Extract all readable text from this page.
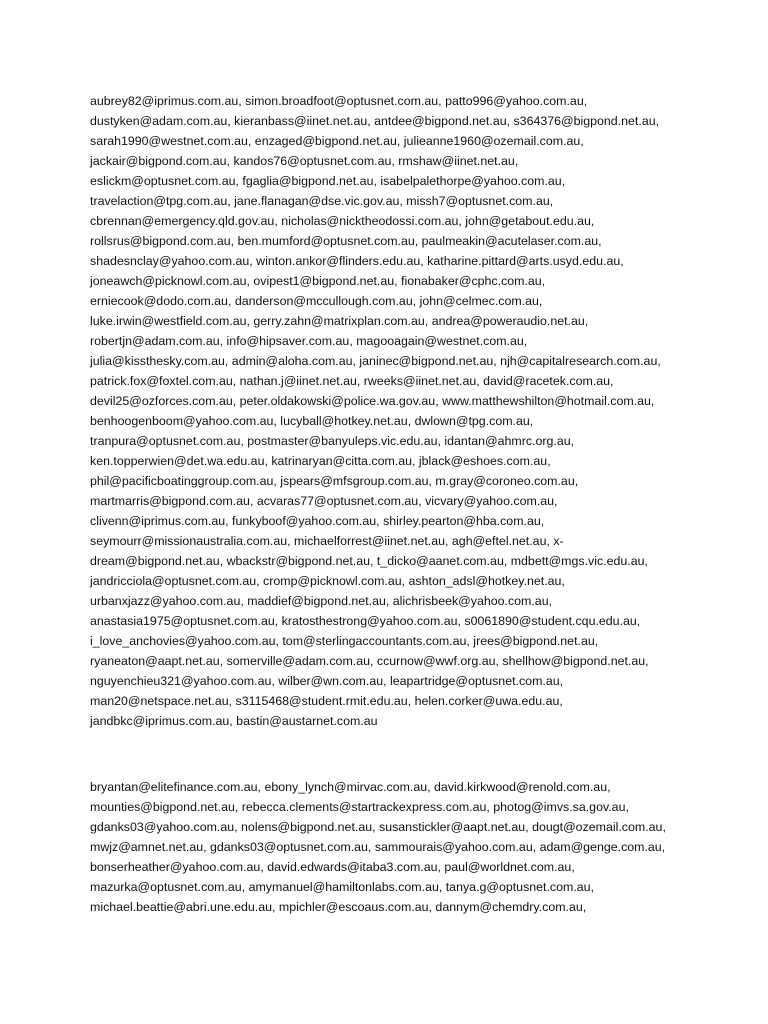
aubrey82@iprimus.com.au, simon.broadfoot@optusnet.com.au, patto996@yahoo.com.au,
dustyken@adam.com.au, kieranbass@iinet.net.au, antdee@bigpond.net.au, s364376@bigpond.net.au,
sarah1990@westnet.com.au, enzaged@bigpond.net.au, julieanne1960@ozemail.com.au,
jackair@bigpond.com.au, kandos76@optusnet.com.au, rmshaw@iinet.net.au,
eslickm@optusnet.com.au, fgaglia@bigpond.net.au, isabelpalethorpe@yahoo.com.au,
travelaction@tpg.com.au, jane.flanagan@dse.vic.gov.au, missh7@optusnet.com.au,
cbrennan@emergency.qld.gov.au, nicholas@nicktheodossi.com.au, john@getabout.edu.au,
rollsrus@bigpond.com.au, ben.mumford@optusnet.com.au, paulmeakin@acutelaser.com.au,
shadesnclay@yahoo.com.au, winton.ankor@flinders.edu.au, katharine.pittard@arts.usyd.edu.au,
joneawch@picknowl.com.au, ovipest1@bigpond.net.au, fionabaker@cphc.com.au,
erniecook@dodo.com.au, danderson@mccullough.com.au, john@celmec.com.au,
luke.irwin@westfield.com.au, gerry.zahn@matrixplan.com.au, andrea@poweraudio.net.au,
robertjn@adam.com.au, info@hipsaver.com.au, magooagain@westnet.com.au,
julia@kissthesky.com.au, admin@aloha.com.au, janinec@bigpond.net.au, njh@capitalresearch.com.au,
patrick.fox@foxtel.com.au, nathan.j@iinet.net.au, rweeks@iinet.net.au, david@racetek.com.au,
devil25@ozforces.com.au, peter.oldakowski@police.wa.gov.au, www.matthewshilton@hotmail.com.au,
benhoogenboom@yahoo.com.au, lucyball@hotkey.net.au, dwlown@tpg.com.au,
tranpura@optusnet.com.au, postmaster@banyuleps.vic.edu.au, idantan@ahmrc.org.au,
ken.topperwien@det.wa.edu.au, katrinaryan@citta.com.au, jblack@eshoes.com.au,
phil@pacificboatinggroup.com.au, jspears@mfsgroup.com.au, m.gray@coroneo.com.au,
martmarris@bigpond.com.au, acvaras77@optusnet.com.au, vicvary@yahoo.com.au,
clivenn@iprimus.com.au, funkyboof@yahoo.com.au, shirley.pearton@hba.com.au,
seymourr@missionaustralia.com.au, michaelforrest@iinet.net.au, agh@eftel.net.au, x-
dream@bigpond.net.au, wbackstr@bigpond.net.au, t_dicko@aanet.com.au, mdbett@mgs.vic.edu.au,
jandricciola@optusnet.com.au, cromp@picknowl.com.au, ashton_adsl@hotkey.net.au,
urbanxjazz@yahoo.com.au, maddief@bigpond.net.au, alichrisbeek@yahoo.com.au,
anastasia1975@optusnet.com.au, kratosthestrong@yahoo.com.au, s0061890@student.cqu.edu.au,
i_love_anchovies@yahoo.com.au, tom@sterlingaccountants.com.au, jrees@bigpond.net.au,
ryaneaton@aapt.net.au, somerville@adam.com.au, ccurnow@wwf.org.au, shellhow@bigpond.net.au,
nguyenchieu321@yahoo.com.au, wilber@wn.com.au, leapartridge@optusnet.com.au,
man20@netspace.net.au, s3115468@student.rmit.edu.au, helen.corker@uwa.edu.au,
jandbkc@iprimus.com.au, bastin@austarnet.com.au
bryantan@elitefinance.com.au, ebony_lynch@mirvac.com.au, david.kirkwood@renold.com.au,
mounties@bigpond.net.au, rebecca.clements@startrackexpress.com.au, photog@imvs.sa.gov.au,
gdanks03@yahoo.com.au, nolens@bigpond.net.au, susanstickler@aapt.net.au, dougt@ozemail.com.au,
mwjz@amnet.net.au, gdanks03@optusnet.com.au, sammourais@yahoo.com.au, adam@genge.com.au,
bonserheather@yahoo.com.au, david.edwards@itaba3.com.au, paul@worldnet.com.au,
mazurka@optusnet.com.au, amymanuel@hamiltonlabs.com.au, tanya.g@optusnet.com.au,
michael.beattie@abri.une.edu.au, mpichler@escoaus.com.au, dannym@chemdry.com.au,
